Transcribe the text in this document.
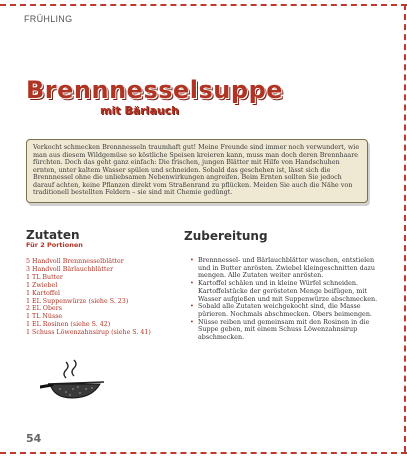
FRÜHLING
Brennnesselsuppe
mit Bärlauch
Verkocht schmecken Brennnesseln traumhaft gut! Meine Freunde sind immer noch verwundert, wie man aus diesem Wildgemüse so köstliche Speisen kreieren kann, muss man doch deren Brennhaare fürchten. Doch das geht ganz einfach: Die frischen, jungen Blätter mit Hilfe von Handschuhen ernten, unter kaltem Wasser spülen und schneiden. Sobald das geschehen ist, lässt sich die Brennnessel ohne die unliebsamen Nebenwirkungen angreifen. Beim Ernten sollten Sie jedoch darauf achten, keine Pflanzen direkt vom Straßenrand zu pflücken. Meiden Sie auch die Nähe von traditionell bestellten Feldern – sie sind mit Chemie gedüngt.
Zutaten
Für 2 Portionen
5 Handvoll Brennnesselblätter
3 Handvoll Bärlauchblätter
1 TL Butter
1 Zwiebel
1 Kartoffel
1 EL Suppenwürze (siehe S. 23)
2 EL Obers
1 TL Nüsse
1 EL Rosinen (siehe S. 42)
1 Schuss Löwenzahnsirup (siehe S. 41)
Zubereitung
• Brennnessel- und Bärlauchblätter waschen, entstielen und in Butter anrösten. Zwiebel kleingeschnitten dazu mengen. Alle Zutaten weiter anrösten.
• Kartoffel schälen und in kleine Würfel schneiden. Kartoffelstücke der gerösteten Menge beifügen, mit Wasser aufgießen und mit Suppenwürze abschmecken.
• Sobald alle Zutaten weichgekocht sind, die Masse pürieren. Nochmals abschmecken. Obers beimengen.
• Nüsse reiben und gemeinsam mit den Rosinen in die Suppe geben, mit einem Schuss Löwenzahnsirup abschmecken.
54
